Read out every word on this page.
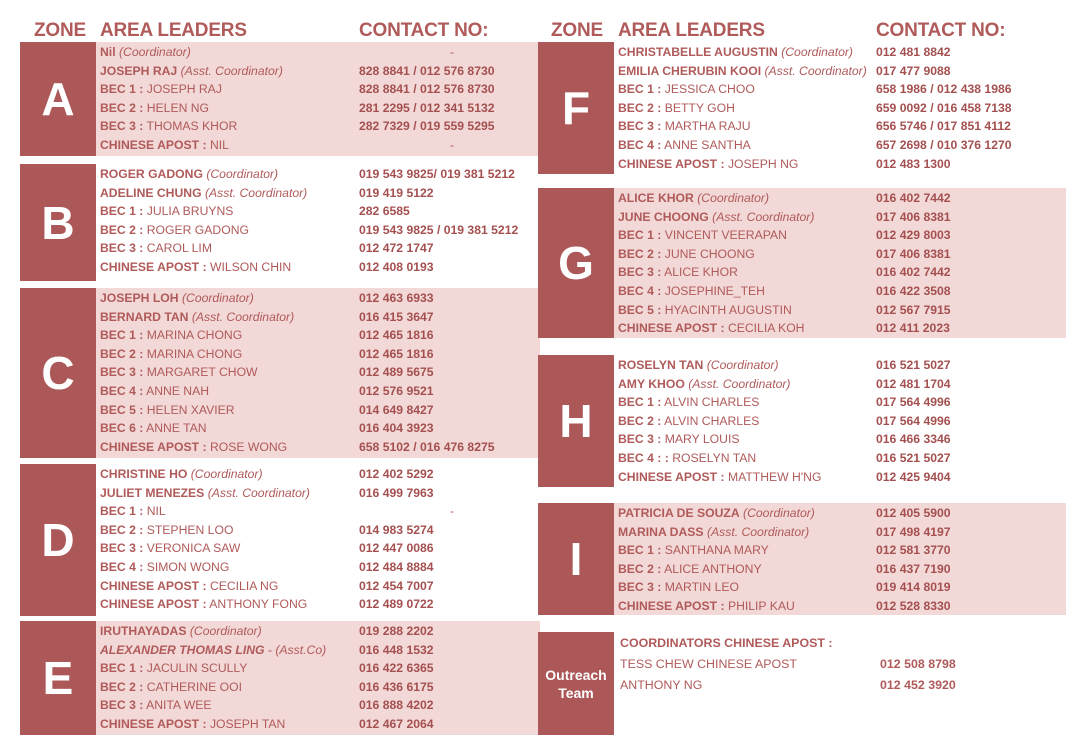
ZONE AREA LEADERS	CONTACT NO:
A
Nil (Coordinator)	-
JOSEPH RAJ (Asst. Coordinator)	828 8841 / 012 576 8730
BEC 1 : JOSEPH RAJ	828 8841 / 012 576 8730
BEC 2 : HELEN NG	281 2295 / 012 341 5132
BEC 3 : THOMAS KHOR	282 7329 / 019 559 5295
CHINESE APOST : NIL	-
B
ROGER GADONG (Coordinator)	019 543 9825/ 019 381 5212
ADELINE CHUNG (Asst. Coordinator)	019 419 5122
BEC 1 : JULIA BRUYNS	282 6585
BEC 2 : ROGER GADONG	019 543 9825 / 019 381 5212
BEC 3 : CAROL LIM	012 472 1747
CHINESE APOST : WILSON CHIN	012 408 0193
C
JOSEPH LOH (Coordinator)	012 463 6933
BERNARD TAN (Asst. Coordinator)	016 415 3647
BEC 1 : MARINA CHONG	012 465 1816
BEC 2 : MARINA CHONG	012 465 1816
BEC 3 : MARGARET CHOW	012 489 5675
BEC 4 : ANNE NAH	012 576 9521
BEC 5 : HELEN XAVIER	014 649 8427
BEC 6 : ANNE TAN	016 404 3923
CHINESE APOST : ROSE WONG	658 5102 / 016 476 8275
D
CHRISTINE HO (Coordinator)	012 402 5292
JULIET MENEZES (Asst. Coordinator)	016 499 7963
BEC 1 : NIL	-
BEC 2 : STEPHEN LOO	014 983 5274
BEC 3 : VERONICA SAW	012 447 0086
BEC 4 : SIMON WONG	012 484 8884
CHINESE APOST : CECILIA NG	012 454 7007
CHINESE APOST : ANTHONY FONG	012 489 0722
E
IRUTHAYADAS (Coordinator)	019 288 2202
ALEXANDER THOMAS LING - (Asst.Co)	016 448 1532
BEC 1 : JACULIN SCULLY	016 422 6365
BEC 2 : CATHERINE OOI	016 436 6175
BEC 3 : ANITA WEE	016 888 4202
CHINESE APOST : JOSEPH TAN	012 467 2064
ZONE AREA LEADERS	CONTACT NO:
F
CHRISTABELLE AUGUSTIN (Coordinator) 012 481 8842
EMILIA CHERUBIN KOOI (Asst. Coordinator) 017 477 9088
BEC 1 : JESSICA CHOO	658 1986 / 012 438 1986
BEC 2 : BETTY GOH	659 0092 / 016 458 7138
BEC 3 : MARTHA RAJU	656 5746 / 017 851 4112
BEC 4 : ANNE SANTHA	657 2698 / 010 376 1270
CHINESE APOST : JOSEPH NG	012 483 1300
G
ALICE KHOR (Coordinator)	016 402 7442
JUNE CHOONG (Asst. Coordinator)	017 406 8381
BEC 1 : VINCENT VEERAPAN	012 429 8003
BEC 2 : JUNE CHOONG	017 406 8381
BEC 3 : ALICE KHOR	016 402 7442
BEC 4 : JOSEPHINE_TEH	016 422 3508
BEC 5 : HYACINTH AUGUSTIN	012 567 7915
CHINESE APOST : CECILIA KOH	012 411 2023
H
ROSELYN TAN (Coordinator)	016 521 5027
AMY KHOO (Asst. Coordinator)	012 481 1704
BEC 1 : ALVIN CHARLES	017 564 4996
BEC 2 : ALVIN CHARLES	017 564 4996
BEC 3 : MARY LOUIS	016 466 3346
BEC 4 : : ROSELYN TAN	016 521 5027
CHINESE APOST : MATTHEW H'NG	012 425 9404
I
PATRICIA DE SOUZA (Coordinator)	012 405 5900
MARINA DASS (Asst. Coordinator)	017 498 4197
BEC 1 : SANTHANA MARY	012 581 3770
BEC 2 : ALICE ANTHONY	016 437 7190
BEC 3 : MARTIN LEO	019 414 8019
CHINESE APOST : PHILIP KAU	012 528 8330
Outreach
Team
COORDINATORS CHINESE APOST :
TESS CHEW CHINESE APOST	012 508 8798
ANTHONY NG	012 452 3920
